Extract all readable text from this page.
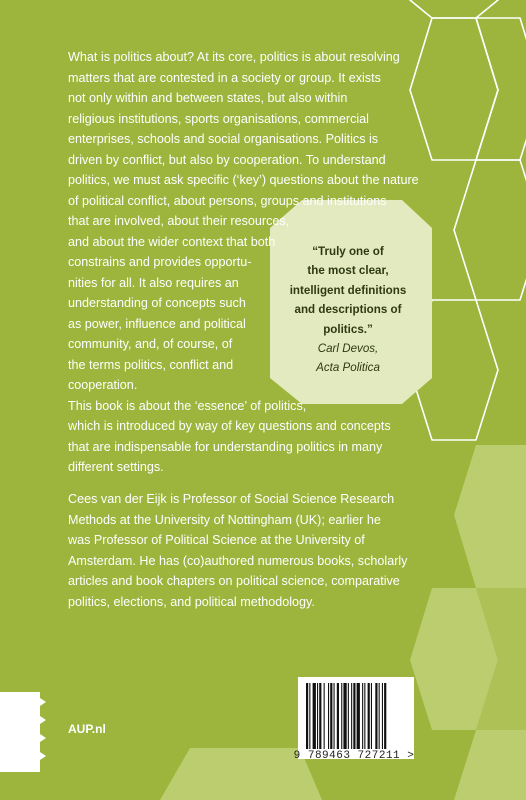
What is politics about? At its core, politics is about resolving
matters that are contested in a society or group. It exists
not only within and between states, but also within
religious institutions, sports organisations, commercial
enterprises, schools and social organisations. Politics is
driven by conflict, but also by cooperation. To understand
politics, we must ask specific (‘key’) questions about the nature
of political conflict, about persons, groups and institutions
that are involved, about their resources,
and about the wider context that both
constrains and provides opportu-
nities for all. It also requires an
understanding of concepts such
as power, influence and political
community, and, of course, of
the terms politics, conflict and
cooperation.
This book is about the ‘essence’ of politics,
which is introduced by way of key questions and concepts
that are indispensable for understanding politics in many
different settings.
“Truly one of
the most clear,
intelligent definitions
and descriptions of
politics.”
Carl Devos,
Acta Politica
Cees van der Eijk is Professor of Social Science Research
Methods at the University of Nottingham (UK); earlier he
was Professor of Political Science at the University of
Amsterdam. He has (co)authored numerous books, scholarly
articles and book chapters on political science, comparative
politics, elections, and political methodology.
AUP.nl
9 789463 727211 >
